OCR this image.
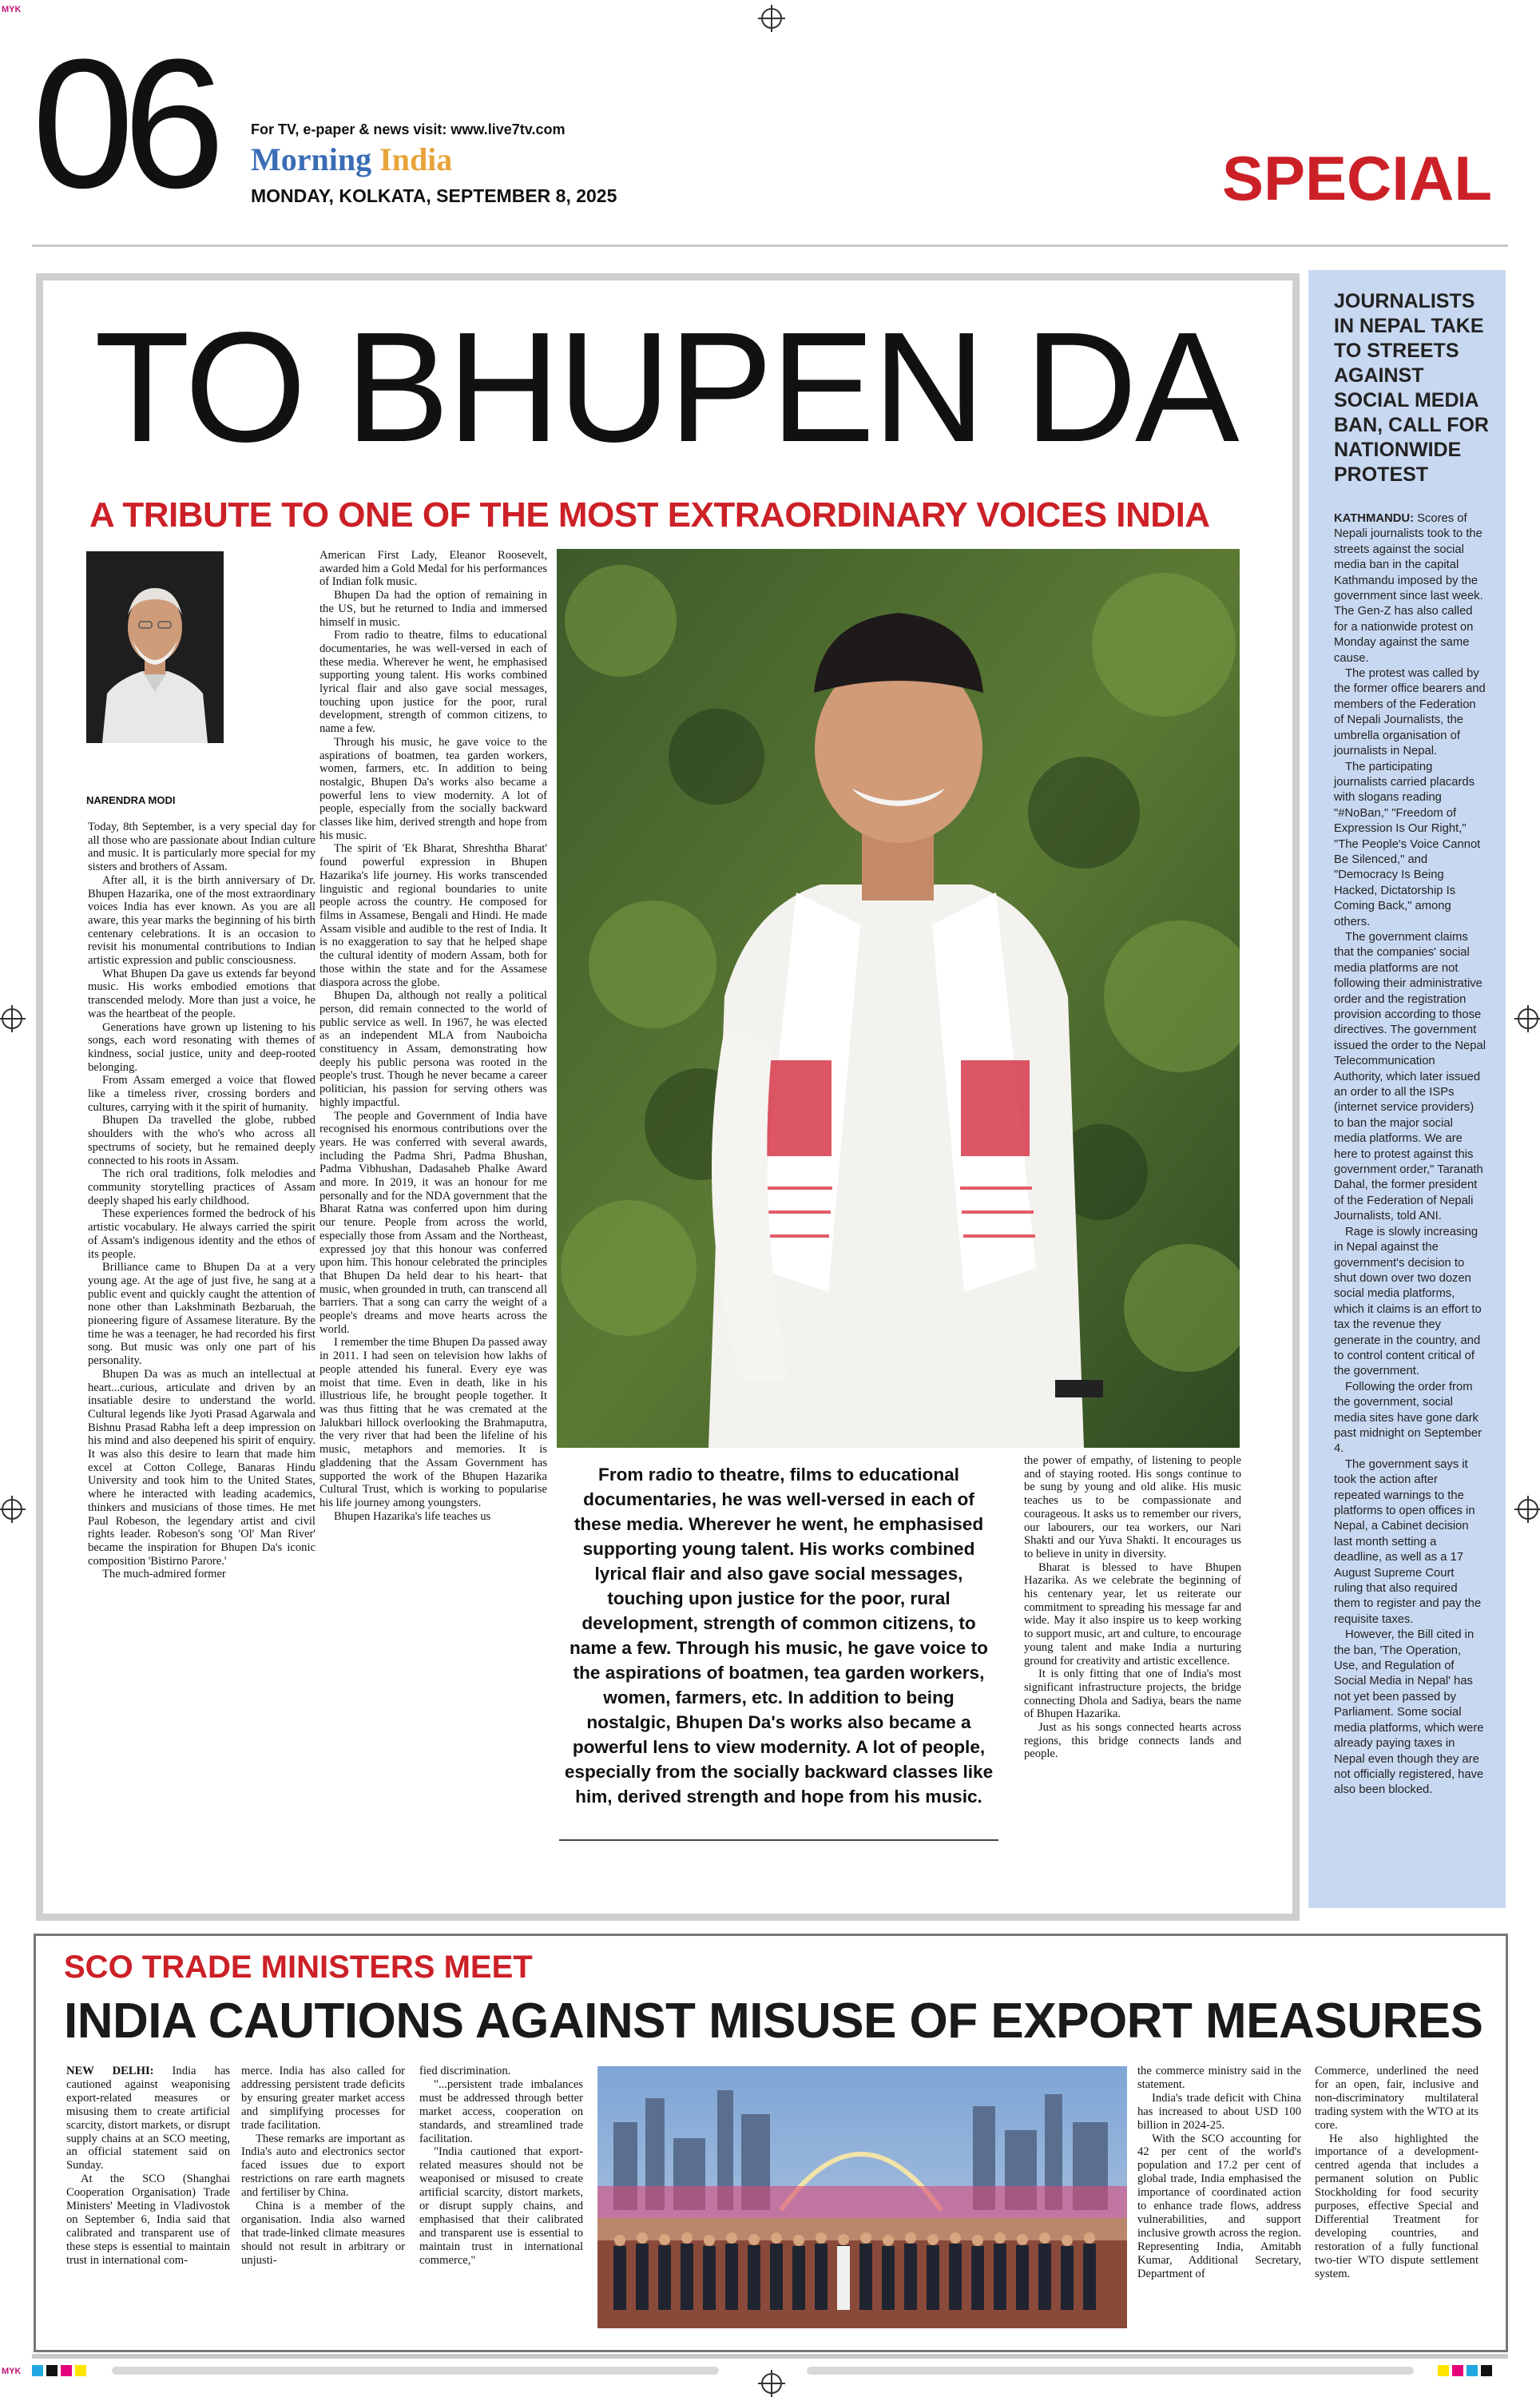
MYK
06	For TV, e-paper & news visit: www.live7tv.com
Morning India
MONDAY, KOLKATA, SEPTEMBER 8, 2025	SPECIAL
TO BHUPEN DA
A TRIBUTE TO ONE OF THE MOST EXTRAORDINARY VOICES INDIA
NARENDRA MODI

Today, 8th September, is a very special day for all those who are passionate about Indian culture and music. It is particularly more special for my sisters and brothers of Assam.

After all, it is the birth anniversary of Dr. Bhupen Hazarika, one of the most extraordinary voices India has ever known. As you are all aware, this year marks the beginning of his birth centenary celebrations. It is an occasion to revisit his monumental contributions to Indian artistic expression and public consciousness.

What Bhupen Da gave us extends far beyond music. His works embodied emotions that transcended melody. More than just a voice, he was the heartbeat of the people.

Generations have grown up listening to his songs, each word resonating with themes of kindness, social justice, unity and deep-rooted belonging.

From Assam emerged a voice that flowed like a timeless river, crossing borders and cultures, carrying with it the spirit of humanity.

Bhupen Da travelled the globe, rubbed shoulders with the who's who across all spectrums of society, but he remained deeply connected to his roots in Assam.

The rich oral traditions, folk melodies and community storytelling practices of Assam deeply shaped his early childhood.

These experiences formed the bedrock of his artistic vocabulary. He always carried the spirit of Assam's indigenous identity and the ethos of its people.

Brilliance came to Bhupen Da at a very young age. At the age of just five, he sang at a public event and quickly caught the attention of none other than Lakshminath Bezbaruah, the pioneering figure of Assamese literature. By the time he was a teenager, he had recorded his first song. But music was only one part of his personality.

Bhupen Da was as much an intellectual at heart...curious, articulate and driven by an insatiable desire to understand the world. Cultural legends like Jyoti Prasad Agarwala and Bishnu Prasad Rabha left a deep impression on his mind and also deepened his spirit of enquiry. It was also this desire to learn that made him excel at Cotton College, Banaras Hindu University and took him to the United States, where he interacted with leading academics, thinkers and musicians of those times. He met Paul Robeson, the legendary artist and civil rights leader. Robeson's song 'Ol' Man River' became the inspiration for Bhupen Da's iconic composition 'Bistirno Parore.'

The much-admired former

American First Lady, Eleanor Roosevelt, awarded him a Gold Medal for his performances of Indian folk music.

Bhupen Da had the option of remaining in the US, but he returned to India and immersed himself in music.

From radio to theatre, films to educational documentaries, he was well-versed in each of these media. Wherever he went, he emphasised supporting young talent. His works combined lyrical flair and also gave social messages, touching upon justice for the poor, rural development, strength of common citizens, to name a few.

Through his music, he gave voice to the aspirations of boatmen, tea garden workers, women, farmers, etc. In addition to being nostalgic, Bhupen Da's works also became a powerful lens to view modernity. A lot of people, especially from the socially backward classes like him, derived strength and hope from his music.

The spirit of 'Ek Bharat, Shreshtha Bharat' found powerful expression in Bhupen Hazarika's life journey. His works transcended linguistic and regional boundaries to unite people across the country. He composed for films in Assamese, Bengali and Hindi. He made Assam visible and audible to the rest of India. It is no exaggeration to say that he helped shape the cultural identity of modern Assam, both for those within the state and for the Assamese diaspora across the globe.

Bhupen Da, although not really a political person, did remain connected to the world of public service as well. In 1967, he was elected as an independent MLA from Nauboicha constituency in Assam, demonstrating how deeply his public persona was rooted in the people's trust. Though he never became a career politician, his passion for serving others was highly impactful.

The people and Government of India have recognised his enormous contributions over the years. He was conferred with several awards, including the Padma Shri, Padma Bhushan, Padma Vibhushan, Dadasaheb Phalke Award and more. In 2019, it was an honour for me personally and for the NDA government that the Bharat Ratna was conferred upon him during our tenure. People from across the world, especially those from Assam and the Northeast, expressed joy that this honour was conferred upon him. This honour celebrated the principles that Bhupen Da held dear to his heart- that music, when grounded in truth, can transcend all barriers. That a song can carry the weight of a people's dreams and move hearts across the world.

I remember the time Bhupen Da passed away in 2011. I had seen on television how lakhs of people attended his funeral. Every eye was moist that time. Even in death, like in his illustrious life, he brought people together. It was thus fitting that he was cremated at the Jalukbari hillock overlooking the Brahmaputra, the very river that had been the lifeline of his music, metaphors and memories. It is gladdening that the Assam Government has supported the work of the Bhupen Hazarika Cultural Trust, which is working to popularise his life journey among youngsters.

Bhupen Hazarika's life teaches us

From radio to theatre, films to educational documentaries, he was well-versed in each of these media. Wherever he went, he emphasised supporting young talent. His works combined lyrical flair and also gave social messages, touching upon justice for the poor, rural development, strength of common citizens, to name a few. Through his music, he gave voice to the aspirations of boatmen, tea garden workers, women, farmers, etc. In addition to being nostalgic, Bhupen Da's works also became a powerful lens to view modernity. A lot of people, especially from the socially backward classes like him, derived strength and hope from his music.

the power of empathy, of listening to people and of staying rooted. His songs continue to be sung by young and old alike. His music teaches us to be compassionate and courageous. It asks us to remember our rivers, our labourers, our tea workers, our Nari Shakti and our Yuva Shakti. It encourages us to believe in unity in diversity.

Bharat is blessed to have Bhupen Hazarika. As we celebrate the beginning of his centenary year, let us reiterate our commitment to spreading his message far and wide. May it also inspire us to keep working to support music, art and culture, to encourage young talent and make India a nurturing ground for creativity and artistic excellence.

It is only fitting that one of India's most significant infrastructure projects, the bridge connecting Dhola and Sadiya, bears the name of Bhupen Hazarika.

Just as his songs connected hearts across regions, this bridge connects lands and people.

JOURNALISTS IN NEPAL TAKE TO STREETS AGAINST SOCIAL MEDIA BAN, CALL FOR NATIONWIDE PROTEST

KATHMANDU: Scores of Nepali journalists took to the streets against the social media ban in the capital Kathmandu imposed by the government since last week. The Gen-Z has also called for a nationwide protest on Monday against the same cause.

The protest was called by the former office bearers and members of the Federation of Nepali Journalists, the umbrella organisation of journalists in Nepal.

The participating journalists carried placards with slogans reading "#NoBan," "Freedom of Expression Is Our Right," "The People's Voice Cannot Be Silenced," and "Democracy Is Being Hacked, Dictatorship Is Coming Back," among others.

The government claims that the companies' social media platforms are not following their administrative order and the registration provision according to those directives. The government issued the order to the Nepal Telecommunication Authority, which later issued an order to all the ISPs (internet service providers) to ban the major social media platforms. We are here to protest against this government order," Taranath Dahal, the former president of the Federation of Nepali Journalists, told ANI.

Rage is slowly increasing in Nepal against the government's decision to shut down over two dozen social media platforms, which it claims is an effort to tax the revenue they generate in the country, and to control content critical of the government.

Following the order from the government, social media sites have gone dark past midnight on September 4.

The government says it took the action after repeated warnings to the platforms to open offices in Nepal, a Cabinet decision last month setting a deadline, as well as a 17 August Supreme Court ruling that also required them to register and pay the requisite taxes.

However, the Bill cited in the ban, 'The Operation, Use, and Regulation of Social Media in Nepal' has not yet been passed by Parliament. Some social media platforms, which were already paying taxes in Nepal even though they are not officially registered, have also been blocked.

SCO TRADE MINISTERS MEET
INDIA CAUTIONS AGAINST MISUSE OF EXPORT MEASURES

NEW DELHI: India has cautioned against weaponising export-related measures or misusing them to create artificial scarcity, distort markets, or disrupt supply chains at an SCO meeting, an official statement said on Sunday.

At the SCO (Shanghai Cooperation Organisation) Trade Ministers' Meeting in Vladivostok on September 6, India said that calibrated and transparent use of these steps is essential to maintain trust in international com-

merce. India has also called for addressing persistent trade deficits by ensuring greater market access and simplifying processes for trade facilitation.

These remarks are important as India's auto and electronics sector faced issues due to export restrictions on rare earth magnets and fertiliser by China.

China is a member of the organisation. India also warned that trade-linked climate measures should not result in arbitrary or unjusti-

fied discrimination.

"...persistent trade imbalances must be addressed through better market access, cooperation on standards, and streamlined trade facilitation.

"India cautioned that export-related measures should not be weaponised or misused to create artificial scarcity, distort markets, or disrupt supply chains, and emphasised that their calibrated and transparent use is essential to maintain trust in international commerce,"

the commerce ministry said in the statement.

India's trade deficit with China has increased to about USD 100 billion in 2024-25.

With the SCO accounting for 42 per cent of the world's population and 17.2 per cent of global trade, India emphasised the importance of coordinated action to enhance trade flows, address vulnerabilities, and support inclusive growth across the region. Representing India, Amitabh Kumar, Additional Secretary, Department of

Commerce, underlined the need for an open, fair, inclusive and non-discriminatory multilateral trading system with the WTO at its core.

He also highlighted the importance of a development-centred agenda that includes a permanent solution on Public Stockholding for food security purposes, effective Special and Differential Treatment for developing countries, and restoration of a fully functional two-tier WTO dispute settlement system.

MYK
